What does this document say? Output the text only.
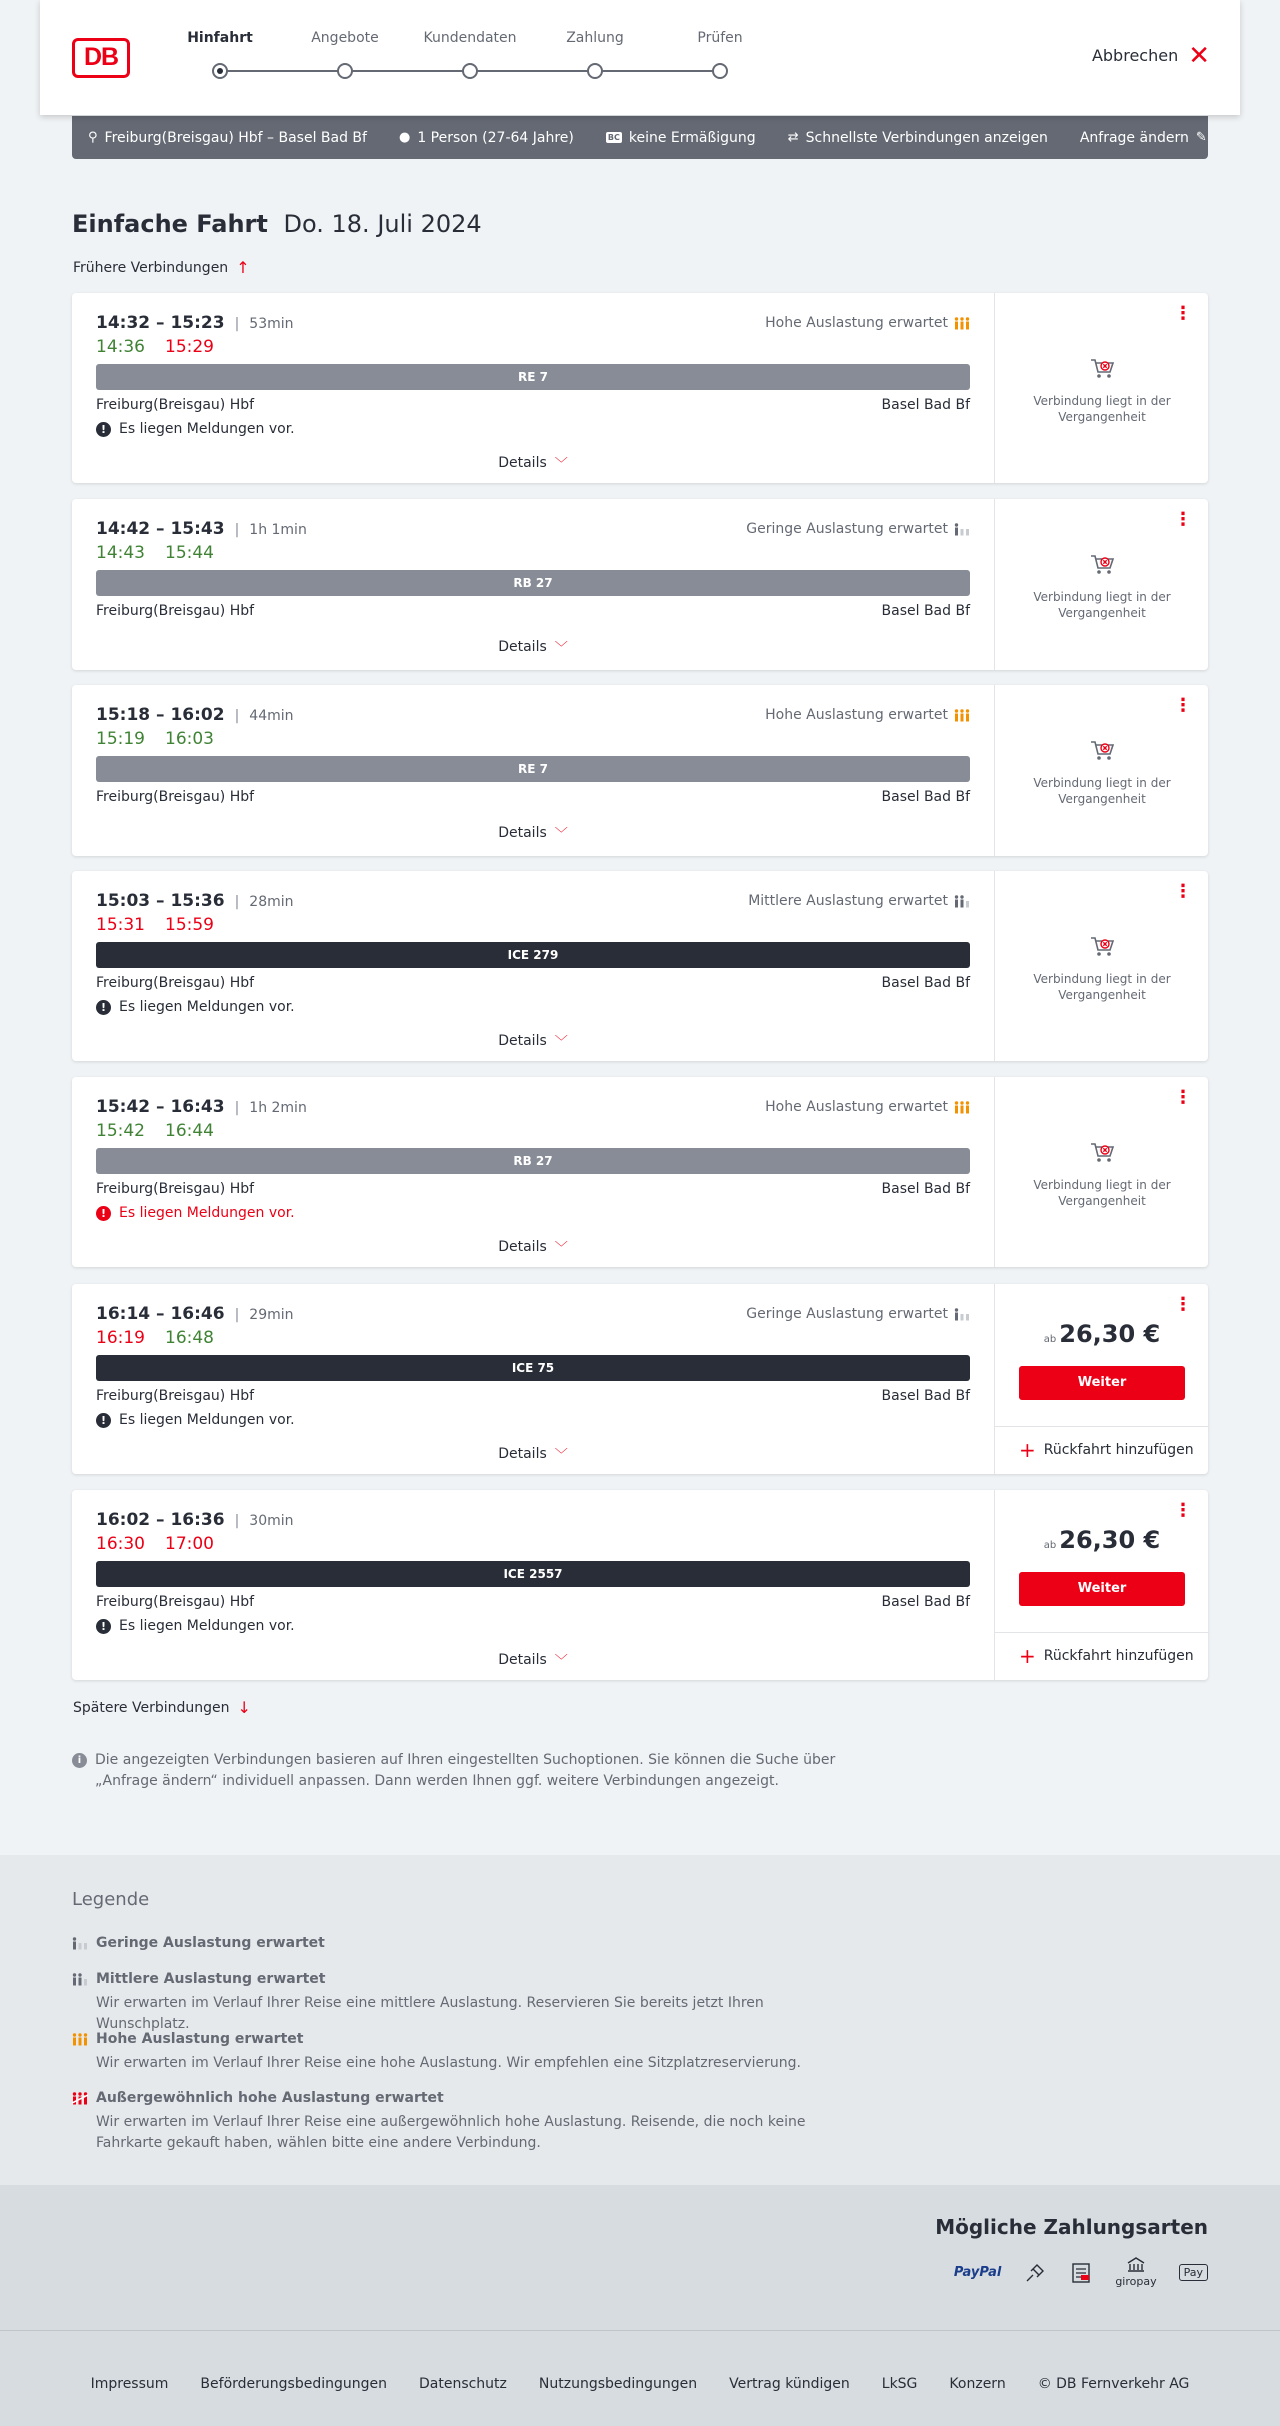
DB
Hinfahrt	Angebote	Kundendaten	Zahlung	Prüfen
Abbrechen ✕
⚲ Freiburg(Breisgau) Hbf – Basel Bad Bf ● 1 Person (27-64 Jahre)	BC keine Ermäßigung ⇄ Schnellste Verbindungen anzeigen Anfrage ändern ✎
Einfache Fahrt Do. 18. Juli 2024
Frühere Verbindungen ↑
14:32 – 15:23 | 53min	Hohe Auslastung erwartet
14:36 15:29
RE 7
Freiburg(Breisgau) Hbf	Basel Bad Bf
! Es liegen Meldungen vor.
Details ﹀
⋮
Verbindung liegt in der Vergangenheit
14:42 – 15:43 | 1h 1min	Geringe Auslastung erwartet
14:43 15:44
RB 27
Freiburg(Breisgau) Hbf	Basel Bad Bf
Details ﹀
⋮
Verbindung liegt in der Vergangenheit
15:18 – 16:02 | 44min	Hohe Auslastung erwartet
15:19 16:03
RE 7
Freiburg(Breisgau) Hbf	Basel Bad Bf
Details ﹀
⋮
Verbindung liegt in der Vergangenheit
15:03 – 15:36 | 28min	Mittlere Auslastung erwartet
15:31 15:59
ICE 279
Freiburg(Breisgau) Hbf	Basel Bad Bf
! Es liegen Meldungen vor.
Details ﹀
⋮
Verbindung liegt in der Vergangenheit
15:42 – 16:43 | 1h 2min	Hohe Auslastung erwartet
15:42 16:44
RB 27
Freiburg(Breisgau) Hbf	Basel Bad Bf
! Es liegen Meldungen vor.
Details ﹀
⋮
Verbindung liegt in der Vergangenheit
16:14 – 16:46 | 29min	Geringe Auslastung erwartet
16:19 16:48
ICE 75
Freiburg(Breisgau) Hbf	Basel Bad Bf
! Es liegen Meldungen vor.
Details ﹀
⋮
ab 26,30 €
Weiter
+ Rückfahrt hinzufügen
16:02 – 16:36 | 30min
16:30 17:00
ICE 2557
Freiburg(Breisgau) Hbf	Basel Bad Bf
! Es liegen Meldungen vor.
Details ﹀
⋮
ab 26,30 €
Weiter
+ Rückfahrt hinzufügen
Spätere Verbindungen ↓
i Die angezeigten Verbindungen basieren auf Ihren eingestellten Suchoptionen. Sie können die Suche über „Anfrage ändern“ individuell anpassen. Dann werden Ihnen ggf. weitere Verbindungen angezeigt.
Legende
Geringe Auslastung erwartet
Mittlere Auslastung erwartet
Wir erwarten im Verlauf Ihrer Reise eine mittlere Auslastung. Reservieren Sie bereits jetzt Ihren Wunschplatz.
Hohe Auslastung erwartet
Wir erwarten im Verlauf Ihrer Reise eine hohe Auslastung. Wir empfehlen eine Sitzplatzreservierung.
Außergewöhnlich hohe Auslastung erwartet
Wir erwarten im Verlauf Ihrer Reise eine außergewöhnlich hohe Auslastung. Reisende, die noch keine Fahrkarte gekauft haben, wählen bitte eine andere Verbindung.
Mögliche Zahlungsarten
PayPal
giropay
Pay
Impressum Beförderungsbedingungen Datenschutz Nutzungsbedingungen Vertrag kündigen LkSG Konzern © DB Fernverkehr AG
